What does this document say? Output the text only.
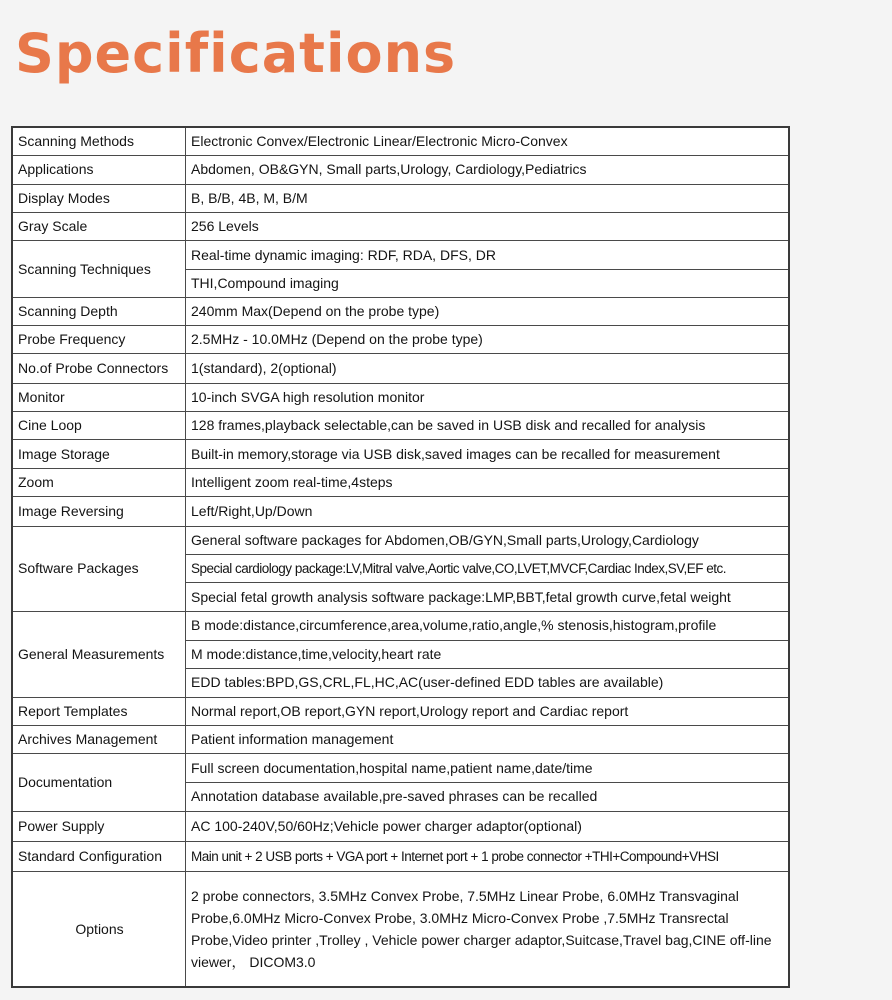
Specifications
Scanning Methods	Electronic Convex/Electronic Linear/Electronic Micro-Convex
Applications	Abdomen, OB&GYN, Small parts,Urology, Cardiology,Pediatrics
Display Modes	B, B/B, 4B, M, B/M
Gray Scale	256 Levels
Scanning Techniques	Real-time dynamic imaging: RDF, RDA, DFS, DR
	THI,Compound imaging
Scanning Depth	240mm Max(Depend on the probe type)
Probe Frequency	2.5MHz - 10.0MHz (Depend on the probe type)
No.of Probe Connectors	1(standard), 2(optional)
Monitor	10-inch SVGA high resolution monitor
Cine Loop	128 frames,playback selectable,can be saved in USB disk and recalled for analysis
Image Storage	Built-in memory,storage via USB disk,saved images can be recalled for measurement
Zoom	Intelligent zoom real-time,4steps
Image Reversing	Left/Right,Up/Down
Software Packages	General software packages for Abdomen,OB/GYN,Small parts,Urology,Cardiology
	Special cardiology package:LV,Mitral valve,Aortic valve,CO,LVET,MVCF,Cardiac Index,SV,EF etc.
	Special fetal growth analysis software package:LMP,BBT,fetal growth curve,fetal weight
General Measurements	B mode:distance,circumference,area,volume,ratio,angle,% stenosis,histogram,profile
	M mode:distance,time,velocity,heart rate
	EDD tables:BPD,GS,CRL,FL,HC,AC(user-defined EDD tables are available)
Report Templates	Normal report,OB report,GYN report,Urology report and Cardiac report
Archives Management	Patient information management
Documentation	Full screen documentation,hospital name,patient name,date/time
	Annotation database available,pre-saved phrases can be recalled
Power Supply	AC 100-240V,50/60Hz;Vehicle power charger adaptor(optional)
Standard Configuration	Main unit + 2 USB ports + VGA port + Internet port + 1 probe connector +THI+Compound+VHSI
Options	2 probe connectors, 3.5MHz Convex Probe, 7.5MHz Linear Probe, 6.0MHz Transvaginal Probe,6.0MHz Micro-Convex Probe, 3.0MHz Micro-Convex Probe ,7.5MHz Transrectal Probe,Video printer ,Trolley , Vehicle power charger adaptor,Suitcase,Travel bag,CINE off-line viewer， DICOM3.0
